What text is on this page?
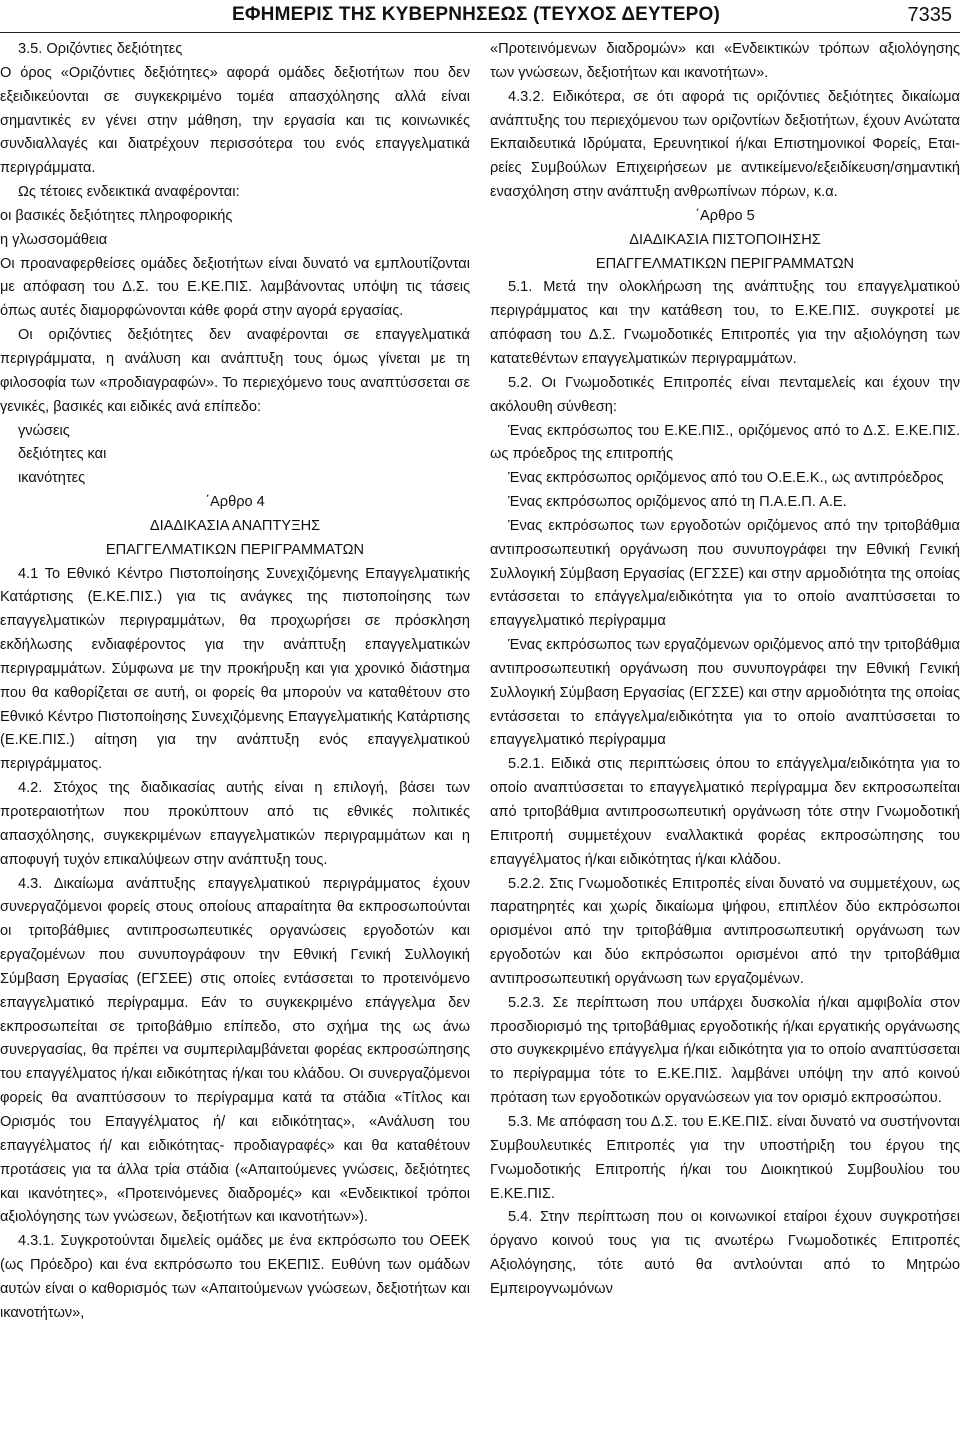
ΕΦΗΜΕΡΙΣ ΤΗΣ ΚΥΒΕΡΝΗΣΕΩΣ (ΤΕΥΧΟΣ ΔΕΥΤΕΡΟ)	7335

3.5. Οριζόντιες δεξιότητες

Ο όρος «Οριζόντιες δεξιότητες» αφορά ομάδες δεξιοτήτων που δεν εξειδικεύονται σε συγκεκριμένο τομέα απασχόλησης αλλά είναι σημαντικές εν γένει στην μάθηση, την εργασία και τις κοινωνικές συνδιαλλαγές και διατρέχουν περισσότερα του ενός επαγγελματικά περιγράμματα.

Ως τέτοιες ενδεικτικά αναφέρονται:

οι βασικές δεξιότητες πληροφορικής

η γλωσσομάθεια

Οι προαναφερθείσες ομάδες δεξιοτήτων είναι δυνατό να εμπλουτίζονται με απόφαση του Δ.Σ. του Ε.ΚΕ.ΠΙΣ. λαμβάνοντας υπόψη τις τάσεις όπως αυτές διαμορφώνονται κάθε φορά στην αγορά εργασίας.

Οι οριζόντιες δεξιότητες δεν αναφέρονται σε επαγγελματικά περιγράμματα, η ανάλυση και ανάπτυξη τους όμως γίνεται με τη φιλοσοφία των «προδιαγραφών». Το περιεχόμενο τους αναπτύσσεται σε γενικές, βασικές και ειδικές ανά επίπεδο:

γνώσεις

δεξιότητες και

ικανότητες

΄Αρθρο 4

ΔΙΑΔΙΚΑΣΙΑ ΑΝΑΠΤΥΞΗΣ

ΕΠΑΓΓΕΛΜΑΤΙΚΩΝ ΠΕΡΙΓΡΑΜΜΑΤΩΝ

4.1 Το Εθνικό Κέντρο Πιστοποίησης Συνεχιζόμενης Επαγγελματικής Κατάρτισης (Ε.ΚΕ.ΠΙΣ.) για τις ανάγκες της πιστοποίησης των επαγγελματικών περιγραμμάτων, θα προχωρήσει σε πρόσκληση εκδήλωσης ενδιαφέροντος για την ανάπτυξη επαγγελματικών περιγραμμάτων. Σύμφωνα με την προκήρυξη και για χρονικό διάστημα που θα καθορίζεται σε αυτή, οι φορείς θα μπορούν να καταθέτουν στο Εθνικό Κέντρο Πιστοποίησης Συνεχιζόμενης Επαγγελματικής Κατάρτισης (Ε.ΚΕ.ΠΙΣ.) αίτηση για την ανάπτυξη ενός επαγγελματικού περιγράμματος.

4.2. Στόχος της διαδικασίας αυτής είναι η επιλογή, βάσει των προτεραιοτήτων που προκύπτουν από τις εθνικές πολιτικές απασχόλησης, συγκεκριμένων επαγγελματικών περιγραμμάτων και η αποφυγή τυχόν επικαλύψεων στην ανάπτυξη τους.

4.3. Δικαίωμα ανάπτυξης επαγγελματικού περιγράμματος έχουν συνεργαζόμενοι φορείς στους οποίους απαραίτητα θα εκπροσωπούνται οι τριτοβάθμιες αντιπροσωπευτικές οργανώσεις εργοδοτών και εργαζομένων που συνυπογράφουν την Εθνική Γενική Συλλογική Σύμβαση Εργασίας (ΕΓΣΕΕ) στις οποίες εντάσσεται το προτεινόμενο επαγγελματικό περίγραμμα. Εάν το συγκεκριμένο επάγγελμα δεν εκπροσωπείται σε τριτοβάθμιο επίπεδο, στο σχήμα της ως άνω συνεργασίας, θα πρέπει να συμπεριλαμβάνεται φορέας εκπροσώπησης του επαγγέλματος ή/και ειδικότητας ή/και του κλάδου. Οι συνεργαζόμενοι φορείς θα αναπτύσσουν το περίγραμμα κατά τα στάδια «Τίτλος και Ορισμός του Επαγγέλματος ή/ και ειδικότητας», «Ανάλυση του επαγγέλματος ή/ και ειδικότητας- προδιαγραφές» και θα καταθέτουν προτάσεις για τα άλλα τρία στάδια («Απαιτούμενες γνώσεις, δεξιότητες και ικανότητες», «Προτεινόμενες διαδρομές» και «Ενδεικτικοί τρόποι αξιολόγησης των γνώσεων, δεξιοτήτων και ικανοτήτων»).

4.3.1. Συγκροτούνται διμελείς ομάδες με ένα εκπρόσωπο του ΟΕΕΚ (ως Πρόεδρο) και ένα εκπρόσωπο του ΕΚΕΠΙΣ. Ευθύνη των ομάδων αυτών είναι ο καθορισμός των «Απαιτούμενων γνώσεων, δεξιοτήτων και ικανοτήτων»,

«Προτεινόμενων διαδρομών» και «Ενδεικτικών τρόπων αξιολόγησης των γνώσεων, δεξιοτήτων και ικανοτήτων».

4.3.2. Ειδικότερα, σε ότι αφορά τις οριζόντιες δεξιότητες δικαίωμα ανάπτυξης του περιεχόμενου των οριζοντίων δεξιοτήτων, έχουν Ανώτατα Εκπαιδευτικά Ιδρύματα, Ερευνητικοί ή/και Επιστημονικοί Φορείς, Εταιρείες Συμβούλων Επιχειρήσεων με αντικείμενο/εξειδίκευση/σημαντική ενασχόληση στην ανάπτυξη ανθρωπίνων πόρων, κ.α.

΄Αρθρο 5

ΔΙΑΔΙΚΑΣΙΑ ΠΙΣΤΟΠΟΙΗΣΗΣ

ΕΠΑΓΓΕΛΜΑΤΙΚΩΝ ΠΕΡΙΓΡΑΜΜΑΤΩΝ

5.1. Μετά την ολοκλήρωση της ανάπτυξης του επαγγελματικού περιγράμματος και την κατάθεση του, το Ε.ΚΕ.ΠΙΣ. συγκροτεί με απόφαση του Δ.Σ. Γνωμοδοτικές Επιτροπές για την αξιολόγηση των κατατεθέντων επαγγελματικών περιγραμμάτων.

5.2. Οι Γνωμοδοτικές Επιτροπές είναι πενταμελείς και έχουν την ακόλουθη σύνθεση:

Ένας εκπρόσωπος του Ε.ΚΕ.ΠΙΣ., οριζόμενος από το Δ.Σ. Ε.ΚΕ.ΠΙΣ. ως πρόεδρος της επιτροπής

Ένας εκπρόσωπος οριζόμενος από του Ο.Ε.Ε.Κ., ως αντιπρόεδρος

Ένας εκπρόσωπος οριζόμενος από τη Π.Α.Ε.Π. Α.Ε.

Ένας εκπρόσωπος των εργοδοτών οριζόμενος από την τριτοβάθμια αντιπροσωπευτική οργάνωση που συνυπογράφει την Εθνική Γενική Συλλογική Σύμβαση Εργασίας (ΕΓΣΣΕ) και στην αρμοδιότητα της οποίας εντάσσεται το επάγγελμα/ειδικότητα για το οποίο αναπτύσσεται το επαγγελματικό περίγραμμα

Ένας εκπρόσωπος των εργαζόμενων οριζόμενος από την τριτοβάθμια αντιπροσωπευτική οργάνωση που συνυπογράφει την Εθνική Γενική Συλλογική Σύμβαση Εργασίας (ΕΓΣΣΕ) και στην αρμοδιότητα της οποίας εντάσσεται το επάγγελμα/ειδικότητα για το οποίο αναπτύσσεται το επαγγελματικό περίγραμμα

5.2.1. Ειδικά στις περιπτώσεις όπου το επάγγελμα/ειδικότητα για το οποίο αναπτύσσεται το επαγγελματικό περίγραμμα δεν εκπροσωπείται από τριτοβάθμια αντιπροσωπευτική οργάνωση τότε στην Γνωμοδοτική Επιτροπή συμμετέχουν εναλλακτικά φορέας εκπροσώπησης του επαγγέλματος ή/και ειδικότητας ή/και κλάδου.

5.2.2. Στις Γνωμοδοτικές Επιτροπές είναι δυνατό να συμμετέχουν, ως παρατηρητές και χωρίς δικαίωμα ψήφου, επιπλέον δύο εκπρόσωποι ορισμένοι από την τριτοβάθμια αντιπροσωπευτική οργάνωση των εργοδοτών και δύο εκπρόσωποι ορισμένοι από την τριτοβάθμια αντιπροσωπευτική οργάνωση των εργαζομένων.

5.2.3. Σε περίπτωση που υπάρχει δυσκολία ή/και αμφιβολία στον προσδιορισμό της τριτοβάθμιας εργοδοτικής ή/και εργατικής οργάνωσης στο συγκεκριμένο επάγγελμα ή/και ειδικότητα για το οποίο αναπτύσσεται το περίγραμμα τότε το Ε.ΚΕ.ΠΙΣ. λαμβάνει υπόψη την από κοινού πρόταση των εργοδοτικών οργανώσεων για τον ορισμό εκπροσώπου.

5.3. Με απόφαση του Δ.Σ. του Ε.ΚΕ.ΠΙΣ. είναι δυνατό να συστήνονται Συμβουλευτικές Επιτροπές για την υποστήριξη του έργου της Γνωμοδοτικής Επιτροπής ή/και του Διοικητικού Συμβουλίου του Ε.ΚΕ.ΠΙΣ.

5.4. Στην περίπτωση που οι κοινωνικοί εταίροι έχουν συγκροτήσει όργανο κοινού τους για τις ανωτέρω Γνωμοδοτικές Επιτροπές Αξιολόγησης, τότε αυτό θα αντλούνται από το Μητρώο Εμπειρογνωμόνων
